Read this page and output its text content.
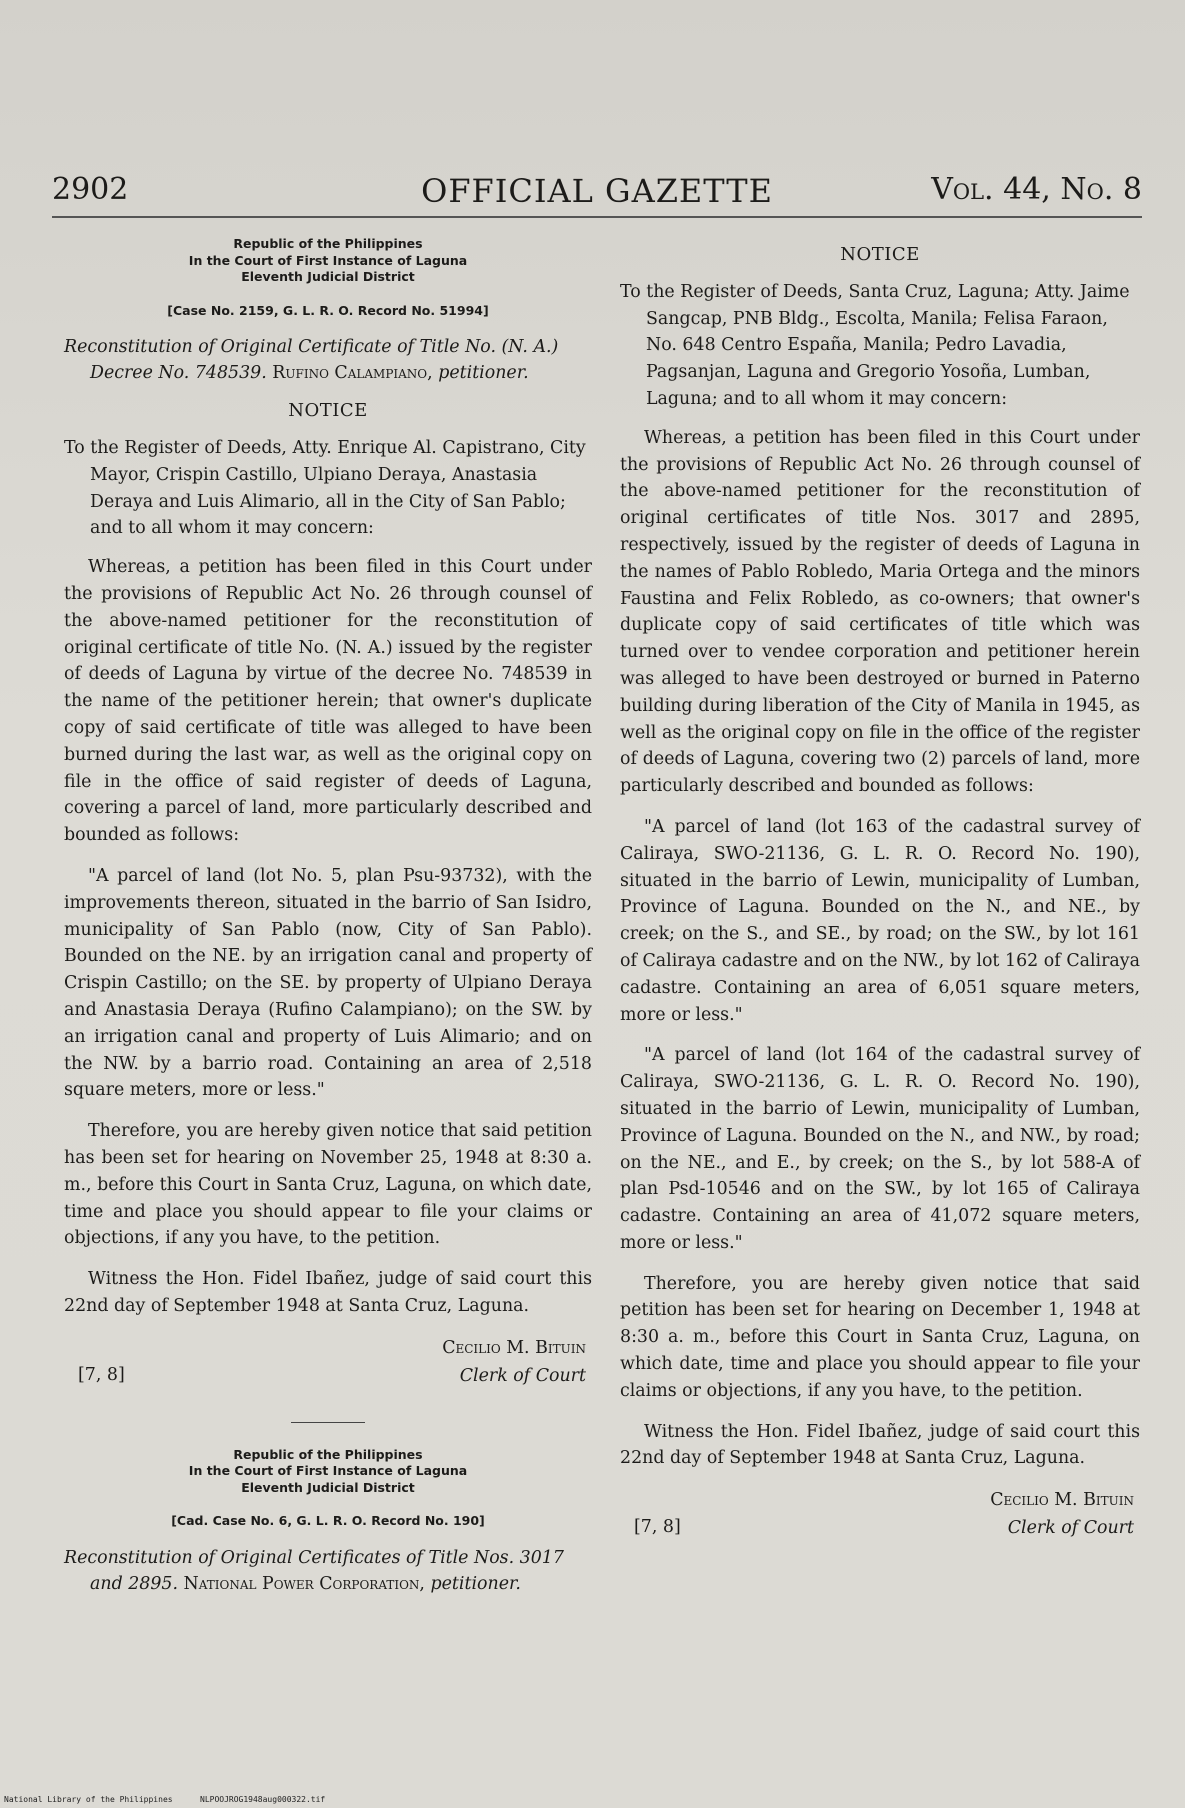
2902	OFFICIAL GAZETTE	Vol. 44, No. 8
Republic of the Philippines
In the Court of First Instance of Laguna
Eleventh Judicial District
[Case No. 2159, G. L. R. O. Record No. 51994]
Reconstitution of Original Certificate of Title No. (N. A.) Decree No. 748539. Rufino Calampiano, petitioner.
NOTICE
To the Register of Deeds, Atty. Enrique Al. Capistrano, City Mayor, Crispin Castillo, Ulpiano Deraya, Anastasia Deraya and Luis Alimario, all in the City of San Pablo; and to all whom it may concern:

Whereas, a petition has been filed in this Court under the provisions of Republic Act No. 26 through counsel of the above-named petitioner for the reconstitution of original certificate of title No. (N. A.) issued by the register of deeds of Laguna by virtue of the decree No. 748539 in the name of the petitioner herein; that owner's duplicate copy of said certificate of title was alleged to have been burned during the last war, as well as the original copy on file in the office of said register of deeds of Laguna, covering a parcel of land, more particularly described and bounded as follows:

"A parcel of land (lot No. 5, plan Psu-93732), with the improvements thereon, situated in the barrio of San Isidro, municipality of San Pablo (now, City of San Pablo). Bounded on the NE. by an irrigation canal and property of Crispin Castillo; on the SE. by property of Ulpiano Deraya and Anastasia Deraya (Rufino Calampiano); on the SW. by an irrigation canal and property of Luis Alimario; and on the NW. by a barrio road. Containing an area of 2,518 square meters, more or less."

Therefore, you are hereby given notice that said petition has been set for hearing on November 25, 1948 at 8:30 a. m., before this Court in Santa Cruz, Laguna, on which date, time and place you should appear to file your claims or objections, if any you have, to the petition.

Witness the Hon. Fidel Ibañez, judge of said court this 22nd day of September 1948 at Santa Cruz, Laguna.

[7, 8]
Cecilio M. Bituin
Clerk of Court
Republic of the Philippines
In the Court of First Instance of Laguna
Eleventh Judicial District
[Cad. Case No. 6, G. L. R. O. Record No. 190]
Reconstitution of Original Certificates of Title Nos. 3017 and 2895. National Power Corporation, petitioner.
NOTICE
To the Register of Deeds, Santa Cruz, Laguna; Atty. Jaime Sangcap, PNB Bldg., Escolta, Manila; Felisa Faraon, No. 648 Centro España, Manila; Pedro Lavadia, Pagsanjan, Laguna and Gregorio Yosoña, Lumban, Laguna; and to all whom it may concern:

Whereas, a petition has been filed in this Court under the provisions of Republic Act No. 26 through counsel of the above-named petitioner for the reconstitution of original certificates of title Nos. 3017 and 2895, respectively, issued by the register of deeds of Laguna in the names of Pablo Robledo, Maria Ortega and the minors Faustina and Felix Robledo, as co-owners; that owner's duplicate copy of said certificates of title which was turned over to vendee corporation and petitioner herein was alleged to have been destroyed or burned in Paterno building during liberation of the City of Manila in 1945, as well as the original copy on file in the office of the register of deeds of Laguna, covering two (2) parcels of land, more particularly described and bounded as follows:

"A parcel of land (lot 163 of the cadastral survey of Caliraya, SWO-21136, G. L. R. O. Record No. 190), situated in the barrio of Lewin, municipality of Lumban, Province of Laguna. Bounded on the N., and NE., by creek; on the S., and SE., by road; on the SW., by lot 161 of Caliraya cadastre and on the NW., by lot 162 of Caliraya cadastre. Containing an area of 6,051 square meters, more or less."

"A parcel of land (lot 164 of the cadastral survey of Caliraya, SWO-21136, G. L. R. O. Record No. 190), situated in the barrio of Lewin, municipality of Lumban, Province of Laguna. Bounded on the N., and NW., by road; on the NE., and E., by creek; on the S., by lot 588-A of plan Psd-10546 and on the SW., by lot 165 of Caliraya cadastre. Containing an area of 41,072 square meters, more or less."

Therefore, you are hereby given notice that said petition has been set for hearing on December 1, 1948 at 8:30 a. m., before this Court in Santa Cruz, Laguna, on which date, time and place you should appear to file your claims or objections, if any you have, to the petition.

Witness the Hon. Fidel Ibañez, judge of said court this 22nd day of September 1948 at Santa Cruz, Laguna.

[7, 8]
Cecilio M. Bituin
Clerk of Court
National Library of the Philippines	NLPOOJROG1948aug000322.tif
